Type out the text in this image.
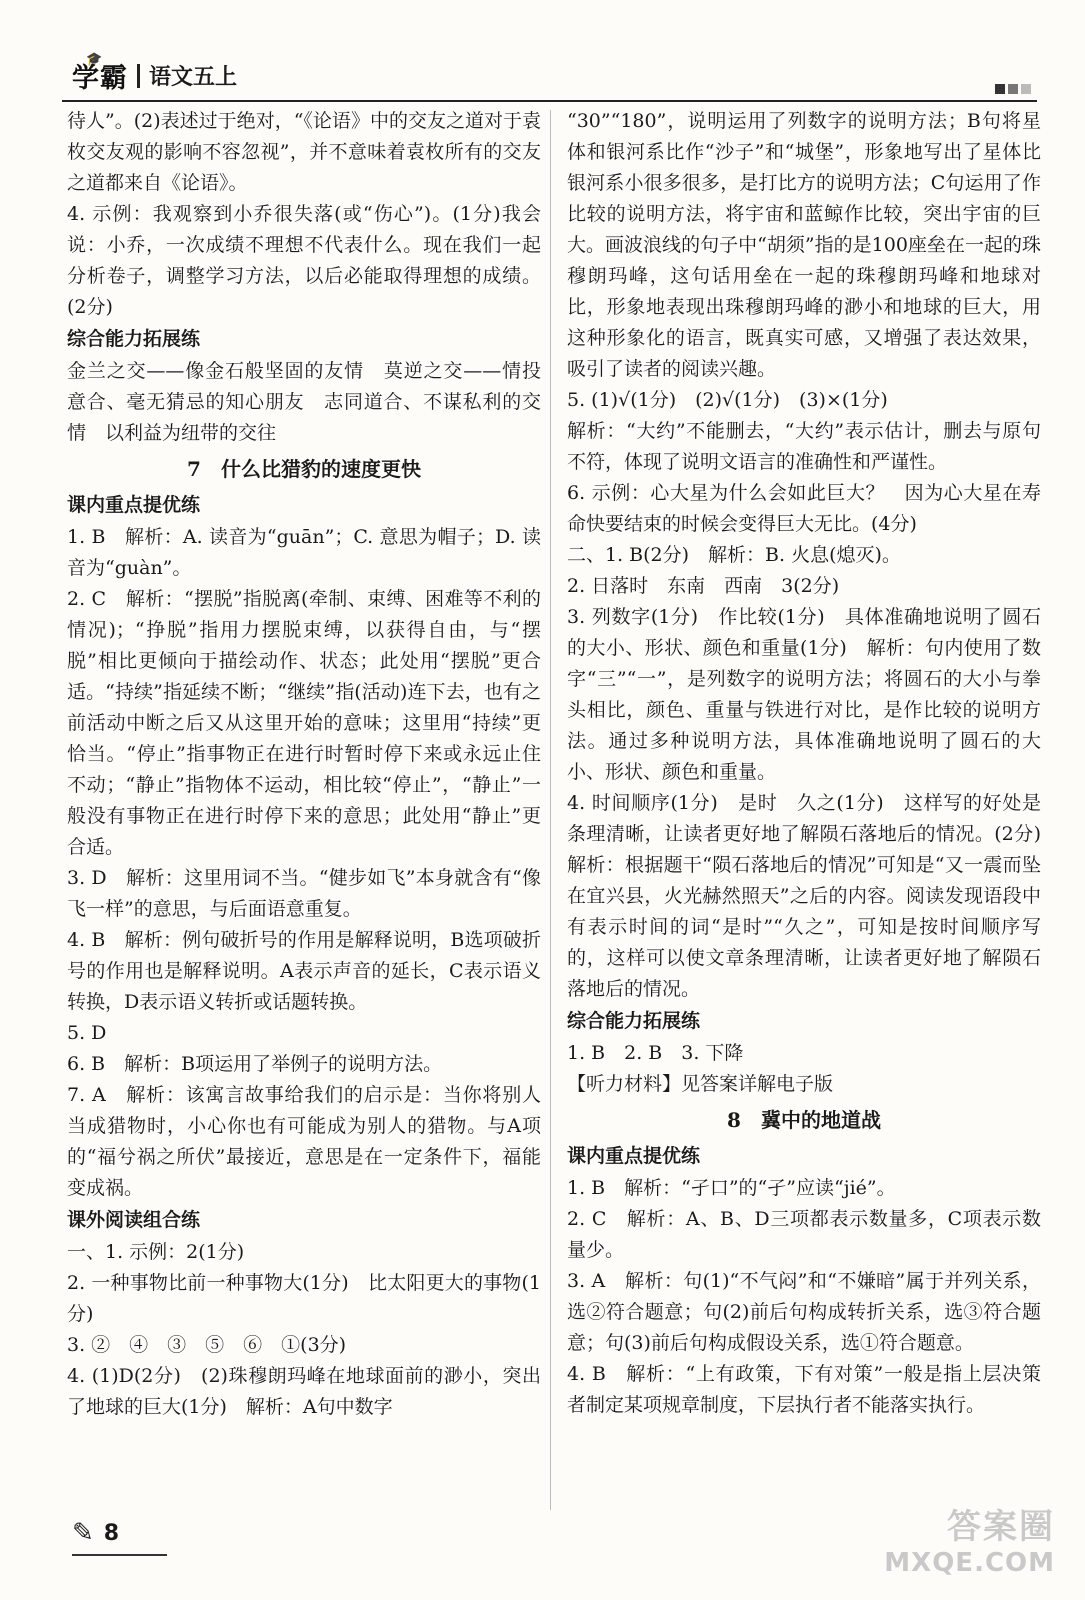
🎓
学霸 语文五上

待人”。(2)表述过于绝对，“《论语》中的交友之道对于袁枚交友观的影响不容忽视”，并不意味着袁枚所有的交友之道都来自《论语》。

4. 示例：我观察到小乔很失落(或“伤心”)。(1分)我会说：小乔，一次成绩不理想不代表什么。现在我们一起分析卷子，调整学习方法，以后必能取得理想的成绩。(2分)

综合能力拓展练

金兰之交——像金石般坚固的友情　莫逆之交——情投意合、毫无猜忌的知心朋友　志同道合、不谋私利的交情　以利益为纽带的交往

7　什么比猎豹的速度更快

课内重点提优练

1. B　解析：A. 读音为“guān”；C. 意思为帽子；D. 读音为“guàn”。

2. C　解析：“摆脱”指脱离(牵制、束缚、困难等不利的情况)；“挣脱”指用力摆脱束缚，以获得自由，与“摆脱”相比更倾向于描绘动作、状态；此处用“摆脱”更合适。“持续”指延续不断；“继续”指(活动)连下去，也有之前活动中断之后又从这里开始的意味；这里用“持续”更恰当。“停止”指事物正在进行时暂时停下来或永远止住不动；“静止”指物体不运动，相比较“停止”，“静止”一般没有事物正在进行时停下来的意思；此处用“静止”更合适。

3. D　解析：这里用词不当。“健步如飞”本身就含有“像飞一样”的意思，与后面语意重复。

4. B　解析：例句破折号的作用是解释说明，B选项破折号的作用也是解释说明。A表示声音的延长，C表示语义转换，D表示语义转折或话题转换。

5. D

6. B　解析：B项运用了举例子的说明方法。

7. A　解析：该寓言故事给我们的启示是：当你将别人当成猎物时，小心你也有可能成为别人的猎物。与A项的“福兮祸之所伏”最接近，意思是在一定条件下，福能变成祸。

课外阅读组合练

一、1. 示例：2(1分)

2. 一种事物比前一种事物大(1分)　比太阳更大的事物(1分)

3. ②　④　③　⑤　⑥　①(3分)

4. (1)D(2分)　(2)珠穆朗玛峰在地球面前的渺小，突出了地球的巨大(1分)　解析：A句中数字

“30”“180”，说明运用了列数字的说明方法；B句将星体和银河系比作“沙子”和“城堡”，形象地写出了星体比银河系小很多很多，是打比方的说明方法；C句运用了作比较的说明方法，将宇宙和蓝鲸作比较，突出宇宙的巨大。画波浪线的句子中“胡须”指的是100座垒在一起的珠穆朗玛峰，这句话用垒在一起的珠穆朗玛峰和地球对比，形象地表现出珠穆朗玛峰的渺小和地球的巨大，用这种形象化的语言，既真实可感，又增强了表达效果，吸引了读者的阅读兴趣。

5. (1)√(1分)　(2)√(1分)　(3)×(1分)

解析：“大约”不能删去，“大约”表示估计，删去与原句不符，体现了说明文语言的准确性和严谨性。

6. 示例：心大星为什么会如此巨大？　因为心大星在寿命快要结束的时候会变得巨大无比。(4分)

二、1. B(2分)　解析：B. 火息(熄灭)。

2. 日落时　东南　西南　3(2分)

3. 列数字(1分)　作比较(1分)　具体准确地说明了圆石的大小、形状、颜色和重量(1分)　解析：句内使用了数字“三”“一”，是列数字的说明方法；将圆石的大小与拳头相比，颜色、重量与铁进行对比，是作比较的说明方法。通过多种说明方法，具体准确地说明了圆石的大小、形状、颜色和重量。

4. 时间顺序(1分)　是时　久之(1分)　这样写的好处是条理清晰，让读者更好地了解陨石落地后的情况。(2分)　解析：根据题干“陨石落地后的情况”可知是“又一震而坠在宜兴县，火光赫然照天”之后的内容。阅读发现语段中有表示时间的词“是时”“久之”，可知是按时间顺序写的，这样可以使文章条理清晰，让读者更好地了解陨石落地后的情况。

综合能力拓展练

1. B　2. B　3. 下降

【听力材料】见答案详解电子版

8　冀中的地道战

课内重点提优练

1. B　解析：“孑口”的“孑”应读“jié”。

2. C　解析：A、B、D三项都表示数量多，C项表示数量少。

3. A　解析：句(1)“不气闷”和“不嫌暗”属于并列关系，选②符合题意；句(2)前后句构成转折关系，选③符合题意；句(3)前后句构成假设关系，选①符合题意。

4. B　解析：“上有政策，下有对策”一般是指上层决策者制定某项规章制度，下层执行者不能落实执行。

✎ 8	答案圈
MXQE.COM
